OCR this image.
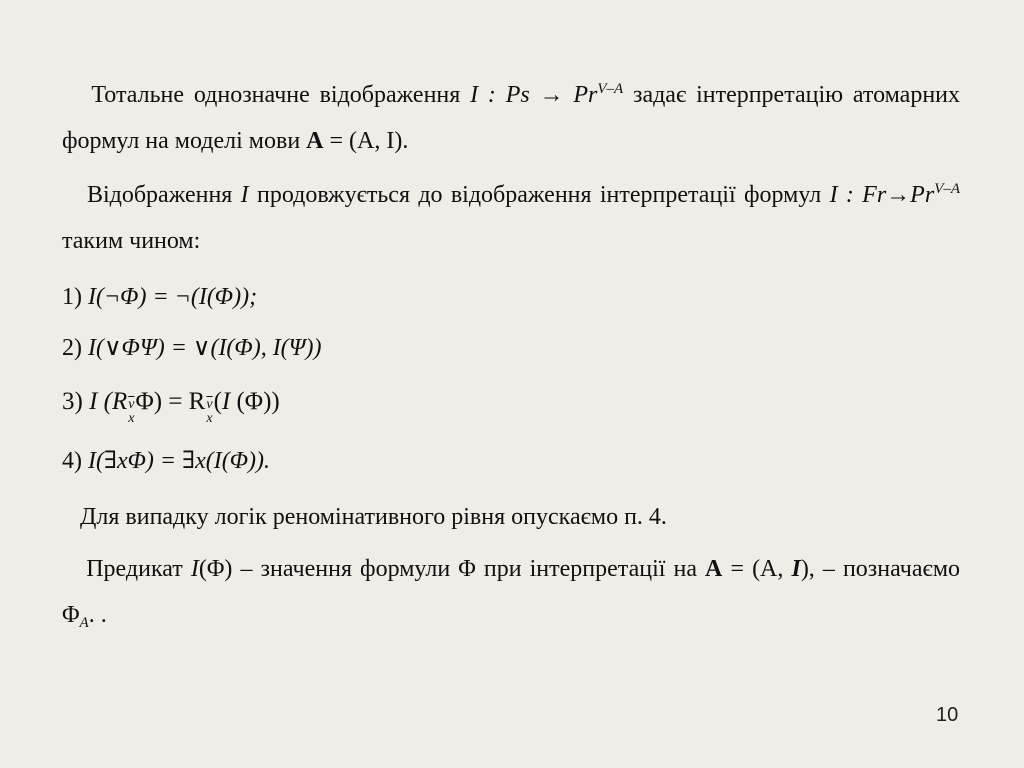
Тотальне однозначне відображення I : $Ps \to Pr^{V-A}$ задає інтерпретацію атомарних формул на моделі мови A = (A, I).
Відображення I продовжується до відображення інтерпретації формул I : $Fr\to Pr^{V-A}$ таким чином:
1) I(¬Φ) = ¬(I(Φ));
2) I(∨ΦΨ) = ∨(I(Φ), I(Ψ))
3) I (R $\overline{v}$
x
Φ) = R $\overline{v}$
x
(I (Φ))
4) I(∃xΦ) = ∃x(I(Φ)).
Для випадку логік реномінативного рівня опускаємо п. 4.
Предикат I(Φ) – значення формули Φ при інтерпретації на A = (A, I), – позначаємо $\Phi_A$. .
10
